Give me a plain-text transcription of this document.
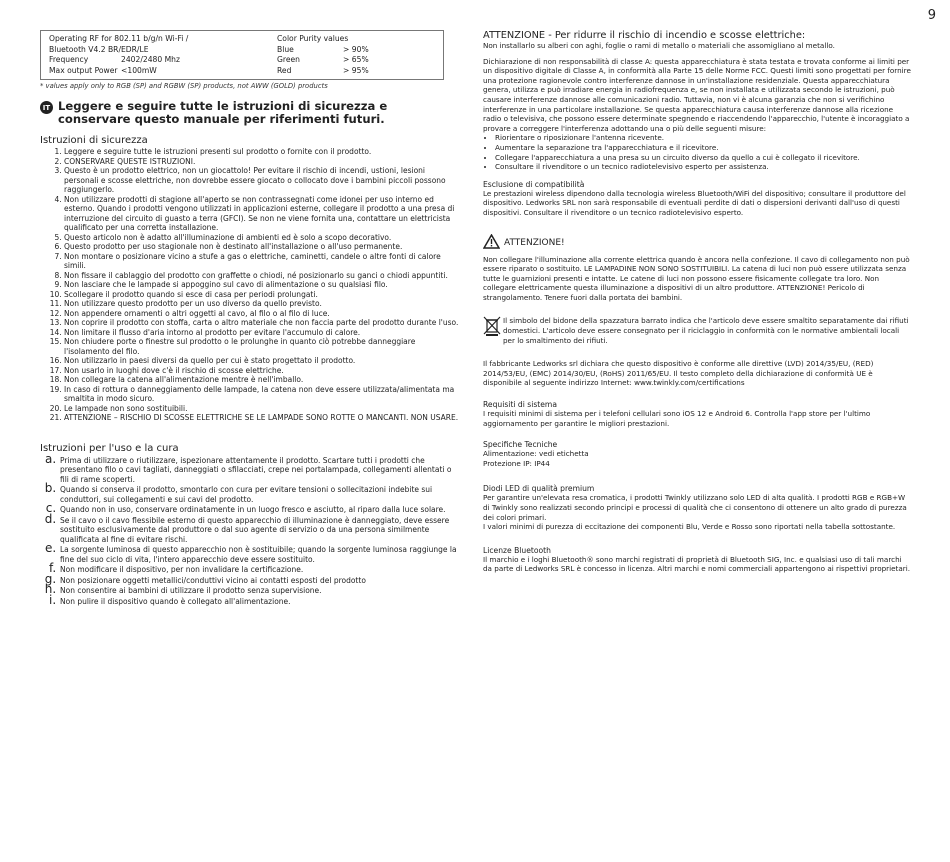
9
Operating RF for 802.11 b/g/n Wi-Fi /
Bluetooth V4.2 BR/EDR/LE
Frequency	2402/2480 Mhz
Max output Power <100mW
Color Purity values
Blue	> 90%
Green	> 65%
Red	> 95%
* values apply only to RGB (SP) and RGBW (SP) products, not AWW (GOLD) products
IT Leggere e seguire tutte le istruzioni di sicurezza e conservare questo manuale per riferimenti futuri.
Istruzioni di sicurezza
1. Leggere e seguire tutte le istruzioni presenti sul prodotto o fornite con il prodotto.
2. CONSERVARE QUESTE ISTRUZIONI.
3. Questo è un prodotto elettrico, non un giocattolo! Per evitare il rischio di incendi, ustioni, lesioni personali e scosse elettriche, non dovrebbe essere giocato o collocato dove i bambini piccoli possono raggiungerlo.
4. Non utilizzare prodotti di stagione all'aperto se non contrassegnati come idonei per uso interno ed esterno. Quando i prodotti vengono utilizzati in applicazioni esterne, collegare il prodotto a una presa di interruzione del circuito di guasto a terra (GFCI). Se non ne viene fornita una, contattare un elettricista qualificato per una corretta installazione.
5. Questo articolo non è adatto all'illuminazione di ambienti ed è solo a scopo decorativo.
6. Questo prodotto per uso stagionale non è destinato all'installazione o all'uso permanente.
7. Non montare o posizionare vicino a stufe a gas o elettriche, caminetti, candele o altre fonti di calore simili.
8. Non fissare il cablaggio del prodotto con graffette o chiodi, né posizionarlo su ganci o chiodi appuntiti.
9. Non lasciare che le lampade si appoggino sul cavo di alimentazione o su qualsiasi filo.
10. Scollegare il prodotto quando si esce di casa per periodi prolungati.
11. Non utilizzare questo prodotto per un uso diverso da quello previsto.
12. Non appendere ornamenti o altri oggetti al cavo, al filo o al filo di luce.
13. Non coprire il prodotto con stoffa, carta o altro materiale che non faccia parte del prodotto durante l'uso.
14. Non limitare il flusso d'aria intorno al prodotto per evitare l'accumulo di calore.
15. Non chiudere porte o finestre sul prodotto o le prolunghe in quanto ciò potrebbe danneggiare l'isolamento del filo.
16. Non utilizzarlo in paesi diversi da quello per cui è stato progettato il prodotto.
17. Non usarlo in luoghi dove c'è il rischio di scosse elettriche.
18. Non collegare la catena all'alimentazione mentre è nell'imballo.
19. In caso di rottura o danneggiamento delle lampade, la catena non deve essere utilizzata/alimentata ma smaltita in modo sicuro.
20. Le lampade non sono sostituibili.
21. ATTENZIONE – RISCHIO DI SCOSSE ELETTRICHE SE LE LAMPADE SONO ROTTE O MANCANTI. NON USARE.
Istruzioni per l'uso e la cura
a. Prima di utilizzare o riutilizzare, ispezionare attentamente il prodotto. Scartare tutti i prodotti che presentano filo o cavi tagliati, danneggiati o sfilacciati, crepe nei portalampada, collegamenti allentati o fili di rame scoperti.
b. Quando si conserva il prodotto, smontarlo con cura per evitare tensioni o sollecitazioni indebite sui conduttori, sui collegamenti e sui cavi del prodotto.
c. Quando non in uso, conservare ordinatamente in un luogo fresco e asciutto, al riparo dalla luce solare.
d. Se il cavo o il cavo flessibile esterno di questo apparecchio di illuminazione è danneggiato, deve essere sostituito esclusivamente dal produttore o dal suo agente di servizio o da una persona similmente qualificata al fine di evitare rischi.
e. La sorgente luminosa di questo apparecchio non è sostituibile; quando la sorgente luminosa raggiunge la fine del suo ciclo di vita, l'intero apparecchio deve essere sostituito.
f. Non modificare il dispositivo, per non invalidare la certificazione.
g. Non posizionare oggetti metallici/conduttivi vicino ai contatti esposti del prodotto
h. Non consentire ai bambini di utilizzare il prodotto senza supervisione.
i. Non pulire il dispositivo quando è collegato all'alimentazione.
ATTENZIONE - Per ridurre il rischio di incendio e scosse elettriche:

Non installarlo su alberi con aghi, foglie o rami di metallo o materiali che assomigliano al metallo.

Dichiarazione di non responsabilità di classe A: questa apparecchiatura è stata testata e trovata conforme ai limiti per un dispositivo digitale di Classe A, in conformità alla Parte 15 delle Norme FCC. Questi limiti sono progettati per fornire una protezione ragionevole contro interferenze dannose in un'installazione residenziale. Questa apparecchiatura genera, utilizza e può irradiare energia in radiofrequenza e, se non installata e utilizzata secondo le istruzioni, può causare interferenze dannose alle comunicazioni radio. Tuttavia, non vi è alcuna garanzia che non si verifichino interferenze in una particolare installazione. Se questa apparecchiatura causa interferenze dannose alla ricezione radio o televisiva, che possono essere determinate spegnendo e riaccendendo l'apparecchio, l'utente è incoraggiato a provare a correggere l'interferenza adottando una o più delle seguenti misure:

• Riorientare o riposizionare l'antenna ricevente.
• Aumentare la separazione tra l'apparecchiatura e il ricevitore.
• Collegare l'apparecchiatura a una presa su un circuito diverso da quello a cui è collegato il ricevitore.
• Consultare il rivenditore o un tecnico radiotelevisivo esperto per assistenza.
Esclusione di compatibilità

Le prestazioni wireless dipendono dalla tecnologia wireless Bluetooth/WiFi del dispositivo; consultare il produttore del dispositivo. Ledworks SRL non sarà responsabile di eventuali perdite di dati o dispersioni derivanti dall'uso di questi dispositivi. Consultare il rivenditore o un tecnico radiotelevisivo esperto.

ATTENZIONE!

Non collegare l'illuminazione alla corrente elettrica quando è ancora nella confezione. Il cavo di collegamento non può essere riparato o sostituito. LE LAMPADINE NON SONO SOSTITUIBILI. La catena di luci non può essere utilizzata senza tutte le guarnizioni presenti e intatte. Le catene di luci non possono essere fisicamente collegate tra loro. Non collegare elettricamente questa illuminazione a dispositivi di un altro produttore. ATTENZIONE! Pericolo di strangolamento. Tenere fuori dalla portata dei bambini.

Il simbolo del bidone della spazzatura barrato indica che l'articolo deve essere smaltito separatamente dai rifiuti domestici. L'articolo deve essere consegnato per il riciclaggio in conformità con le normative ambientali locali per lo smaltimento dei rifiuti.

Il fabbricante Ledworks srl dichiara che questo dispositivo è conforme alle direttive (LVD) 2014/35/EU, (RED) 2014/53/EU, (EMC) 2014/30/EU, (RoHS) 2011/65/EU. Il testo completo della dichiarazione di conformità UE è disponibile al seguente indirizzo Internet: www.twinkly.com/certifications

Requisiti di sistema

I requisiti minimi di sistema per i telefoni cellulari sono iOS 12 e Android 6. Controlla l'app store per l'ultimo aggiornamento per garantire le migliori prestazioni.

Specifiche Tecniche

Alimentazione: vedi etichetta

Protezione IP: IP44

Diodi LED di qualità premium

Per garantire un'elevata resa cromatica, i prodotti Twinkly utilizzano solo LED di alta qualità. I prodotti RGB e RGB+W di Twinkly sono realizzati secondo principi e processi di qualità che ci consentono di ottenere un alto grado di purezza dei colori primari.

I valori minimi di purezza di eccitazione dei componenti Blu, Verde e Rosso sono riportati nella tabella sottostante.

Licenze Bluetooth

Il marchio e i loghi Bluetooth® sono marchi registrati di proprietà di Bluetooth SIG, Inc. e qualsiasi uso di tali marchi da parte di Ledworks SRL è concesso in licenza. Altri marchi e nomi commerciali appartengono ai rispettivi proprietari.
